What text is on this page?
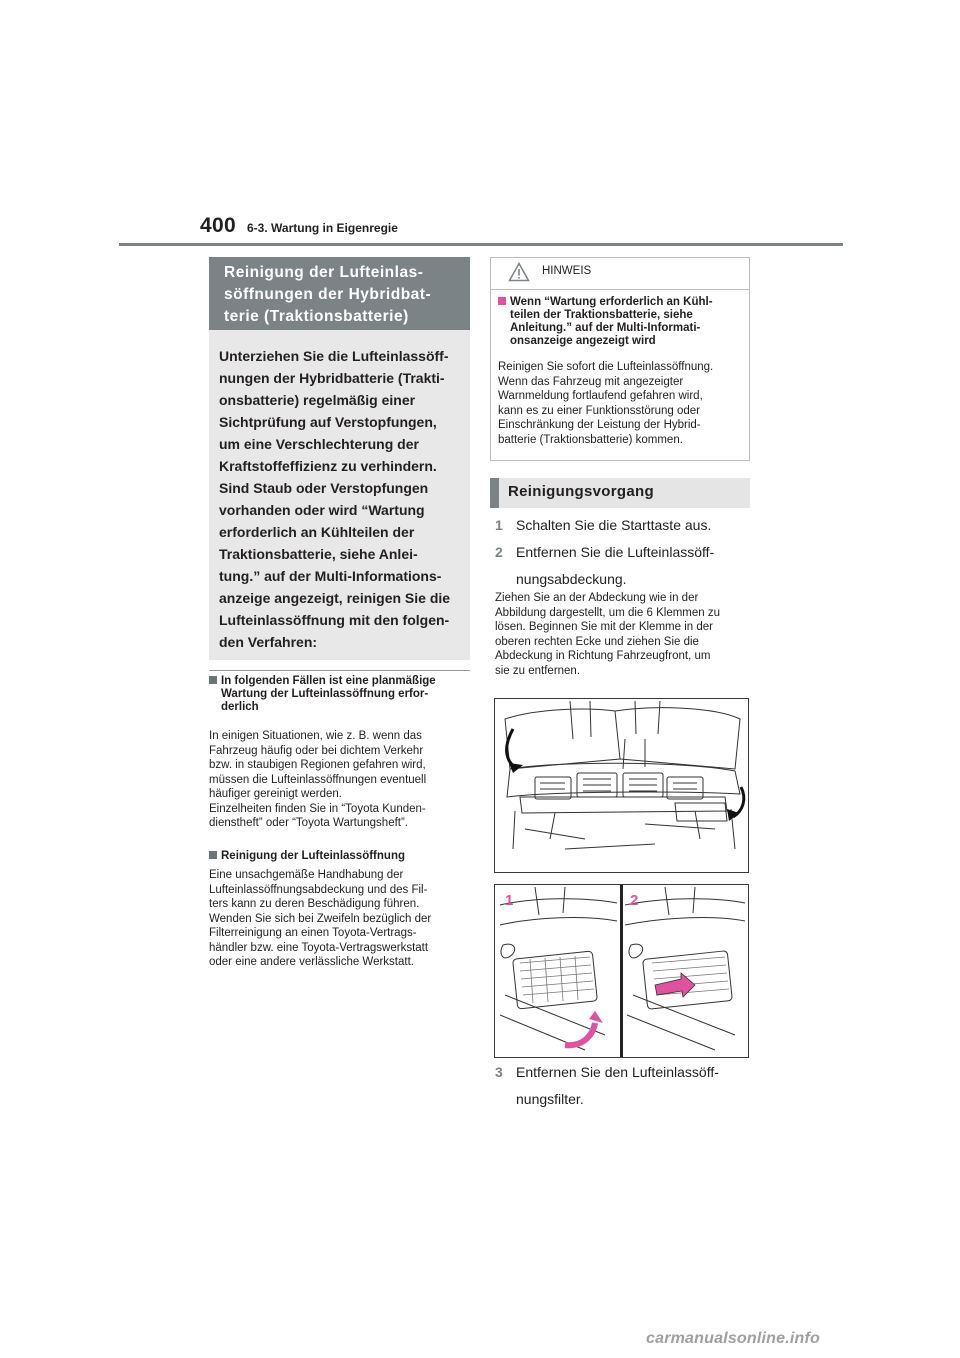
400 6-3. Wartung in Eigenregie
Reinigung der Lufteinlas-
söffnungen der Hybridbat-
terie (Traktionsbatterie)
Unterziehen Sie die Lufteinlassöff-
nungen der Hybridbatterie (Trakti-
onsbatterie) regelmäßig einer
Sichtprüfung auf Verstopfungen,
um eine Verschlechterung der
Kraftstoffeffizienz zu verhindern.
Sind Staub oder Verstopfungen
vorhanden oder wird “Wartung
erforderlich an Kühlteilen der
Traktionsbatterie, siehe Anlei-
tung.” auf der Multi-Informations-
anzeige angezeigt, reinigen Sie die
Lufteinlassöffnung mit den folgen-
den Verfahren:
In folgenden Fällen ist eine planmäßige
Wartung der Lufteinlassöffnung erfor-
derlich
In einigen Situationen, wie z. B. wenn das
Fahrzeug häufig oder bei dichtem Verkehr
bzw. in staubigen Regionen gefahren wird,
müssen die Lufteinlassöffnungen eventuell
häufiger gereinigt werden.
Einzelheiten finden Sie in “Toyota Kunden-
dienstheft” oder “Toyota Wartungsheft”.
Reinigung der Lufteinlassöffnung
Eine unsachgemäße Handhabung der
Lufteinlassöffnungsabdeckung und des Fil-
ters kann zu deren Beschädigung führen.
Wenden Sie sich bei Zweifeln bezüglich der
Filterreinigung an einen Toyota-Vertrags-
händler bzw. eine Toyota-Vertragswerkstatt
oder eine andere verlässliche Werkstatt.
HINWEIS
Wenn “Wartung erforderlich an Kühl-
teilen der Traktionsbatterie, siehe
Anleitung.” auf der Multi-Informati-
onsanzeige angezeigt wird
Reinigen Sie sofort die Lufteinlassöffnung.
Wenn das Fahrzeug mit angezeigter
Warnmeldung fortlaufend gefahren wird,
kann es zu einer Funktionsstörung oder
Einschränkung der Leistung der Hybrid-
batterie (Traktionsbatterie) kommen.
Reinigungsvorgang
1 Schalten Sie die Starttaste aus.
2 Entfernen Sie die Lufteinlassöff-
nungsabdeckung.
Ziehen Sie an der Abdeckung wie in der
Abbildung dargestellt, um die 6 Klemmen zu
lösen. Beginnen Sie mit der Klemme in der
oberen rechten Ecke und ziehen Sie die
Abdeckung in Richtung Fahrzeugfront, um
sie zu entfernen.
1	2
3 Entfernen Sie den Lufteinlassöff-
nungsfilter.
carmanualsonline.info
